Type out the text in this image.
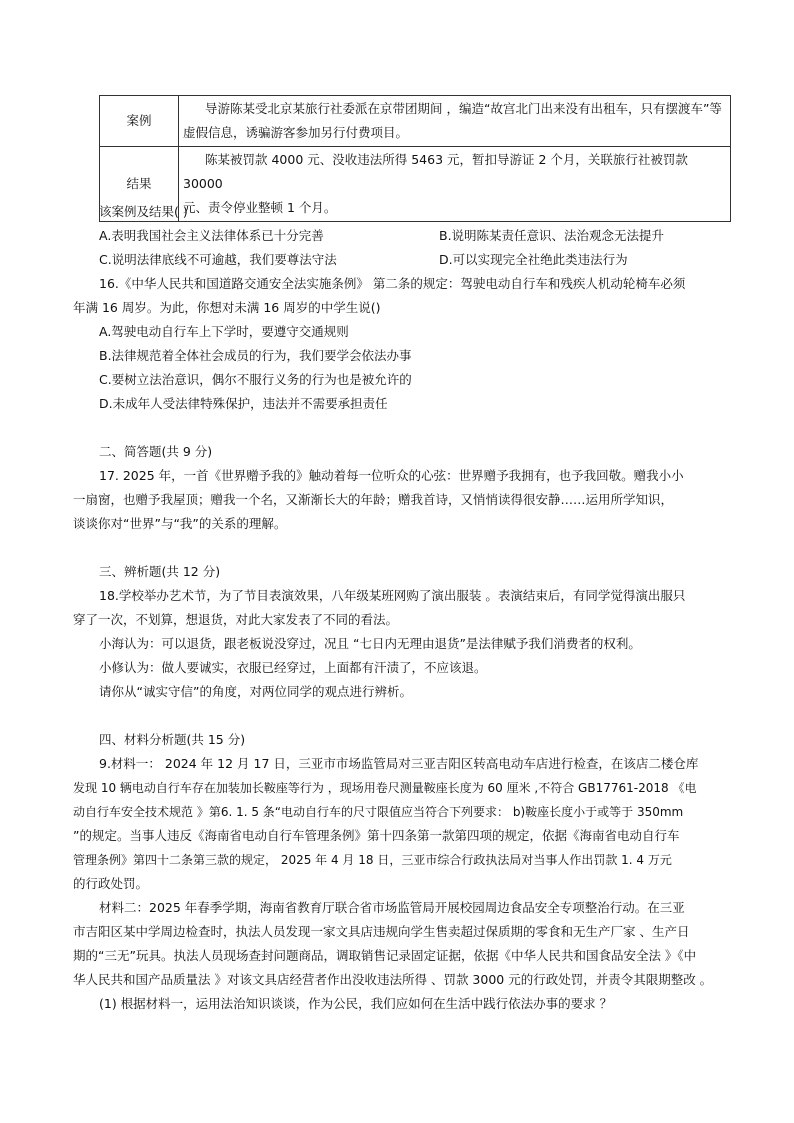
案例	导游陈某受北京某旅行社委派在京带团期间 ，编造“故宫北门出来没有出租车，只有摆渡车”等
虚假信息，诱骗游客参加另行付费项目。

结果	陈某被罚款 4000 元、没收违法所得 5463 元，暂扣导游证 2 个月，关联旅行社被罚款 30000
元、责令停业整顿 1 个月。
该案例及结果( )
A.表明我国社会主义法律体系已十分完善	B.说明陈某责任意识、法治观念无法提升
C.说明法律底线不可逾越，我们要尊法守法	D.可以实现完全社绝此类违法行为
16.《中华人民共和国道路交通安全法实施条例》 第二条的规定：驾驶电动自行车和残疾人机动轮椅车必须
年满 16 周岁。为此，你想对未满 16 周岁的中学生说()
A.驾驶电动自行车上下学时，要遵守交通规则
B.法律规范着全体社会成员的行为，我们要学会依法办事
C.要树立法治意识，偶尔不服行义务的行为也是被允许的
D.未成年人受法律特殊保护，违法并不需要承担责任
二、简答题(共 9 分)
17. 2025 年，一首《世界赠予我的》触动着每一位听众的心弦：世界赠予我拥有，也予我回敬。赠我小小
一扇窗，也赠予我屋顶；赠我一个名，又渐渐长大的年龄；赠我首诗，又悄悄读得很安静……运用所学知识，
谈谈你对“世界”与“我”的关系的理解。
三、辨析题(共 12 分)
18.学校举办艺术节，为了节目表演效果，八年级某班网购了演出服装 。表演结束后，有同学觉得演出服只
穿了一次，不划算，想退货，对此大家发表了不同的看法。
小海认为：可以退货，跟老板说没穿过，况且 “七日内无理由退货”是法律赋予我们消费者的权利。
小修认为：做人要诚实，衣服已经穿过，上面都有汗渍了，不应该退。
请你从“诚实守信”的角度，对两位同学的观点进行辨析。
四、材料分析题(共 15 分)
9.材料一： 2024 年 12 月 17 日，三亚市市场监管局对三亚吉阳区转高电动车店进行检查，在该店二楼仓库
发现 10 辆电动自行车存在加装加长鞍座等行为 ，现场用卷尺测量鞍座长度为 60 厘米 ,不符合 GB17761-2018 《电
动自行车安全技术规范 》第6. 1. 5 条“电动自行车的尺寸限值应当符合下列要求： b)鞍座长度小于或等于 350mm
”的规定。当事人违反《海南省电动自行车管理条例》第十四条第一款第四项的规定，依据《海南省电动自行车
管理条例》第四十二条第三款的规定， 2025 年 4 月 18 日，三亚市综合行政执法局对当事人作出罚款 1. 4 万元
的行政处罚。
材料二：2025 年春季学期，海南省教育厅联合省市场监管局开展校园周边食品安全专项整治行动。在三亚
市吉阳区某中学周边检查时，执法人员发现一家文具店违规向学生售卖超过保质期的零食和无生产厂家 、生产日
期的“三无”玩具。执法人员现场查封问题商品，调取销售记录固定证据，依据《中华人民共和国食品安全法 》《中
华人民共和国产品质量法 》对该文具店经营者作出没收违法所得 、罚款 3000 元的行政处罚，并责令其限期整改 。
(1) 根据材料一，运用法治知识谈谈，作为公民，我们应如何在生活中践行依法办事的要求 ？
